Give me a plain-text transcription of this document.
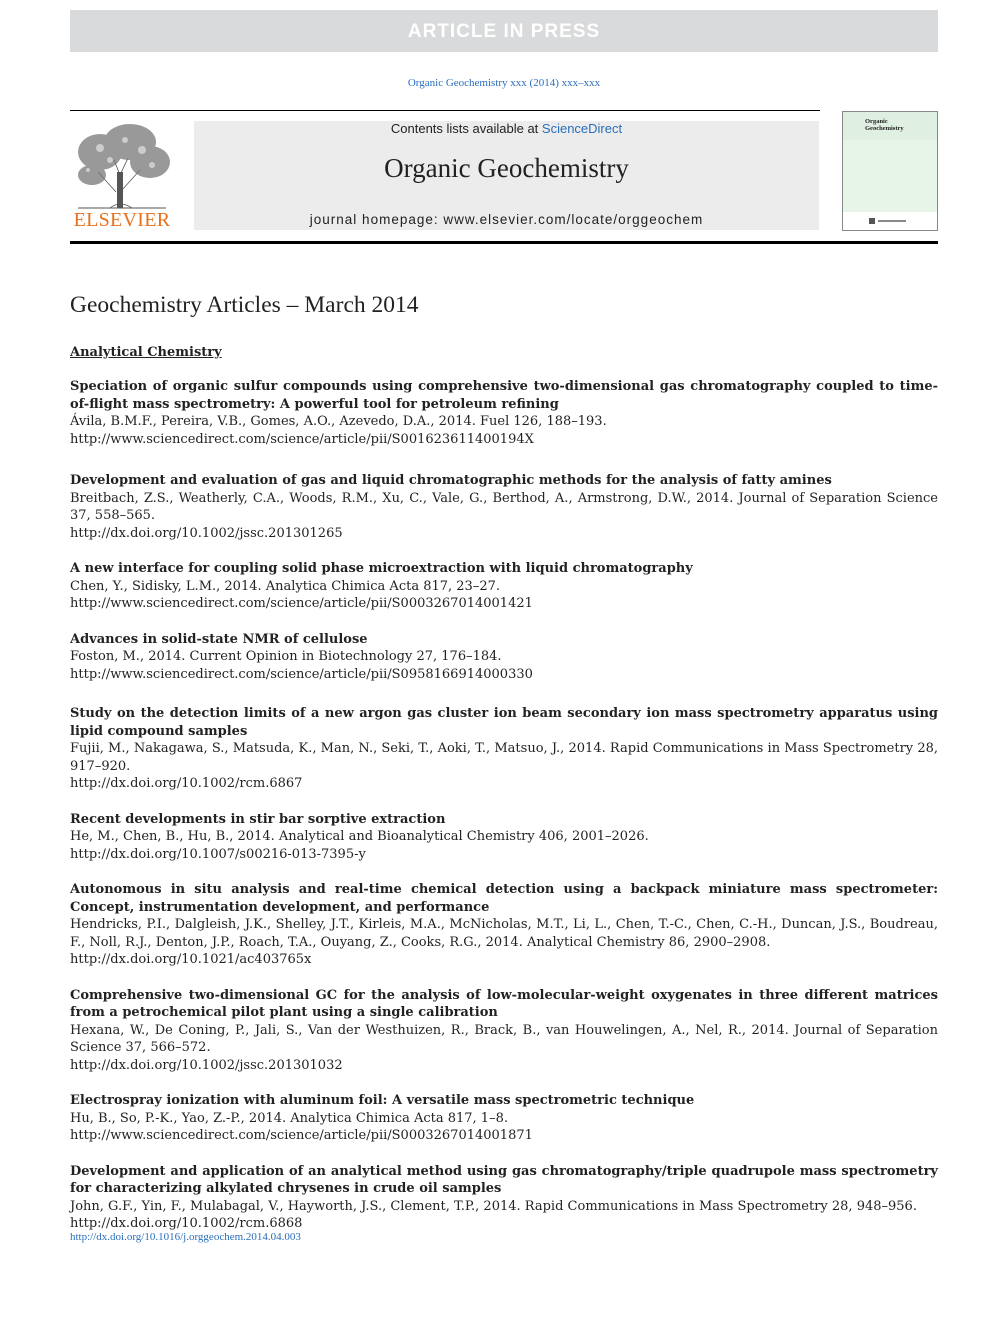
ARTICLE IN PRESS
Organic Geochemistry xxx (2014) xxx–xxx
ELSEVIER
Contents lists available at ScienceDirect
Organic Geochemistry
journal homepage: www.elsevier.com/locate/orggeochem
Organic
Geochemistry
Geochemistry Articles – March 2014
Analytical Chemistry
Speciation of organic sulfur compounds using comprehensive two-dimensional gas chromatography coupled to time-of-flight mass spectrometry: A powerful tool for petroleum refining
Ávila, B.M.F., Pereira, V.B., Gomes, A.O., Azevedo, D.A., 2014. Fuel 126, 188–193.
http://www.sciencedirect.com/science/article/pii/S001623611400194X
Development and evaluation of gas and liquid chromatographic methods for the analysis of fatty amines
Breitbach, Z.S., Weatherly, C.A., Woods, R.M., Xu, C., Vale, G., Berthod, A., Armstrong, D.W., 2014. Journal of Separation Science 37, 558–565.
http://dx.doi.org/10.1002/jssc.201301265
A new interface for coupling solid phase microextraction with liquid chromatography
Chen, Y., Sidisky, L.M., 2014. Analytica Chimica Acta 817, 23–27.
http://www.sciencedirect.com/science/article/pii/S0003267014001421
Advances in solid-state NMR of cellulose
Foston, M., 2014. Current Opinion in Biotechnology 27, 176–184.
http://www.sciencedirect.com/science/article/pii/S0958166914000330
Study on the detection limits of a new argon gas cluster ion beam secondary ion mass spectrometry apparatus using lipid compound samples
Fujii, M., Nakagawa, S., Matsuda, K., Man, N., Seki, T., Aoki, T., Matsuo, J., 2014. Rapid Communications in Mass Spectrometry 28, 917–920.
http://dx.doi.org/10.1002/rcm.6867
Recent developments in stir bar sorptive extraction
He, M., Chen, B., Hu, B., 2014. Analytical and Bioanalytical Chemistry 406, 2001–2026.
http://dx.doi.org/10.1007/s00216-013-7395-y
Autonomous in situ analysis and real-time chemical detection using a backpack miniature mass spectrometer: Concept, instrumentation development, and performance
Hendricks, P.I., Dalgleish, J.K., Shelley, J.T., Kirleis, M.A., McNicholas, M.T., Li, L., Chen, T.-C., Chen, C.-H., Duncan, J.S., Boudreau, F., Noll, R.J., Denton, J.P., Roach, T.A., Ouyang, Z., Cooks, R.G., 2014. Analytical Chemistry 86, 2900–2908.
http://dx.doi.org/10.1021/ac403765x
Comprehensive two-dimensional GC for the analysis of low-molecular-weight oxygenates in three different matrices from a petrochemical pilot plant using a single calibration
Hexana, W., De Coning, P., Jali, S., Van der Westhuizen, R., Brack, B., van Houwelingen, A., Nel, R., 2014. Journal of Separation Science 37, 566–572.
http://dx.doi.org/10.1002/jssc.201301032
Electrospray ionization with aluminum foil: A versatile mass spectrometric technique
Hu, B., So, P.-K., Yao, Z.-P., 2014. Analytica Chimica Acta 817, 1–8.
http://www.sciencedirect.com/science/article/pii/S0003267014001871
Development and application of an analytical method using gas chromatography/triple quadrupole mass spectrometry for characterizing alkylated chrysenes in crude oil samples
John, G.F., Yin, F., Mulabagal, V., Hayworth, J.S., Clement, T.P., 2014. Rapid Communications in Mass Spectrometry 28, 948–956.
http://dx.doi.org/10.1002/rcm.6868
http://dx.doi.org/10.1016/j.orggeochem.2014.04.003
